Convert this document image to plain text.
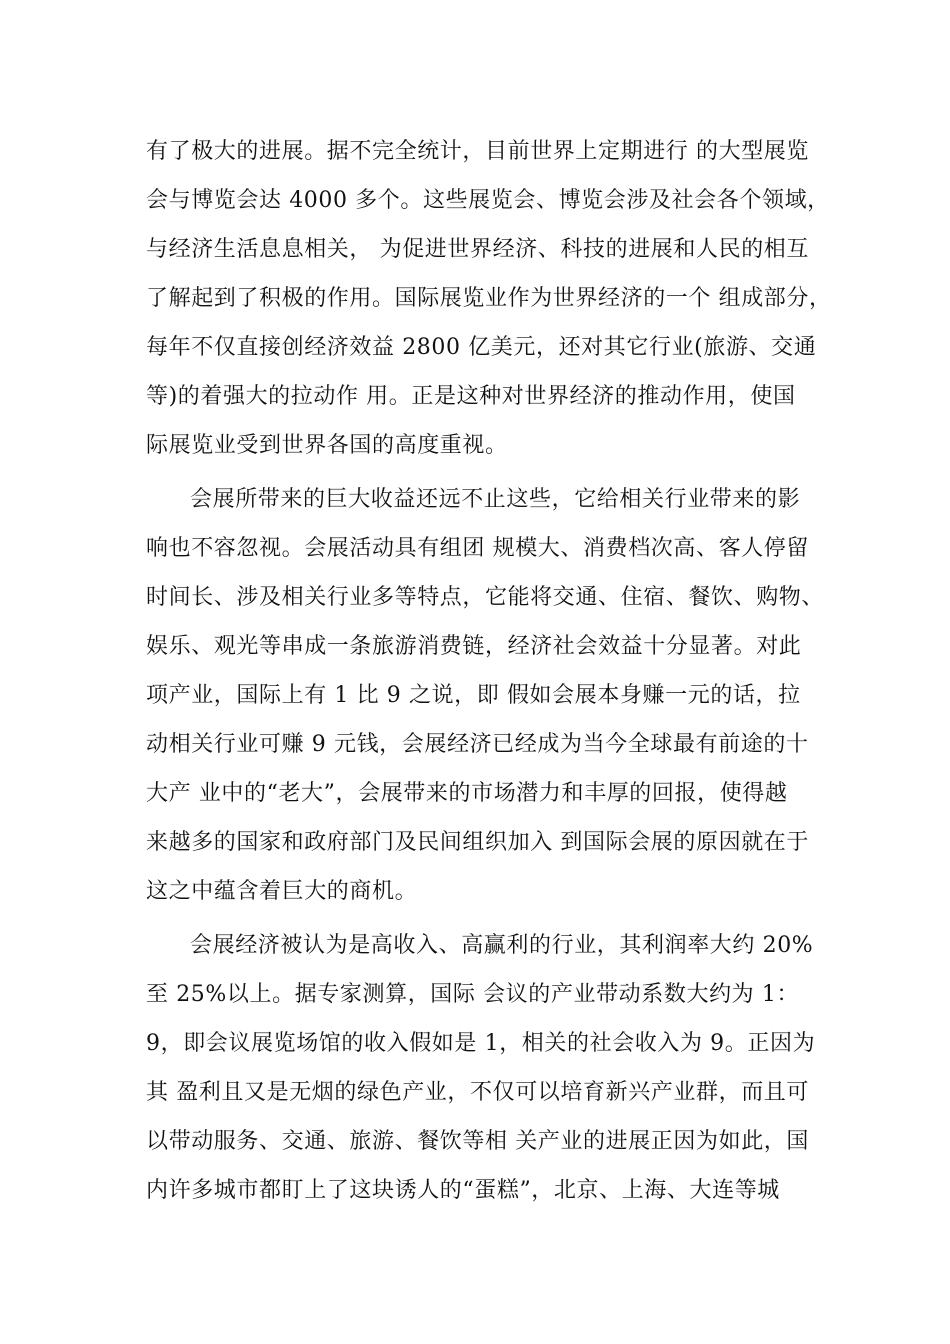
有了极大的进展。据不完全统计，目前世界上定期进行 的大型展览
会与博览会达 4000 多个。这些展览会、博览会涉及社会各个领域，
与经济生活息息相关， 为促进世界经济、科技的进展和人民的相互
了解起到了积极的作用。国际展览业作为世界经济的一个 组成部分，
每年不仅直接创经济效益 2800 亿美元，还对其它行业(旅游、交通
等)的着强大的拉动作 用。正是这种对世界经济的推动作用，使国
际展览业受到世界各国的高度重视。
会展所带来的巨大收益还远不止这些，它给相关行业带来的影
响也不容忽视。会展活动具有组团 规模大、消费档次高、客人停留
时间长、涉及相关行业多等特点，它能将交通、住宿、餐饮、购物、
娱乐、观光等串成一条旅游消费链，经济社会效益十分显著。对此
项产业，国际上有 1 比 9 之说，即 假如会展本身赚一元的话，拉
动相关行业可赚 9 元钱，会展经济已经成为当今全球最有前途的十
大产 业中的“老大”，会展带来的市场潜力和丰厚的回报，使得越
来越多的国家和政府部门及民间组织加入 到国际会展的原因就在于
这之中蕴含着巨大的商机。
会展经济被认为是高收入、高赢利的行业，其利润率大约 20%
至 25%以上。据专家测算，国际 会议的产业带动系数大约为 1：
9，即会议展览场馆的收入假如是 1，相关的社会收入为 9。正因为
其 盈利且又是无烟的绿色产业，不仅可以培育新兴产业群，而且可
以带动服务、交通、旅游、餐饮等相 关产业的进展正因为如此，国
内许多城市都盯上了这块诱人的“蛋糕”，北京、上海、大连等城
